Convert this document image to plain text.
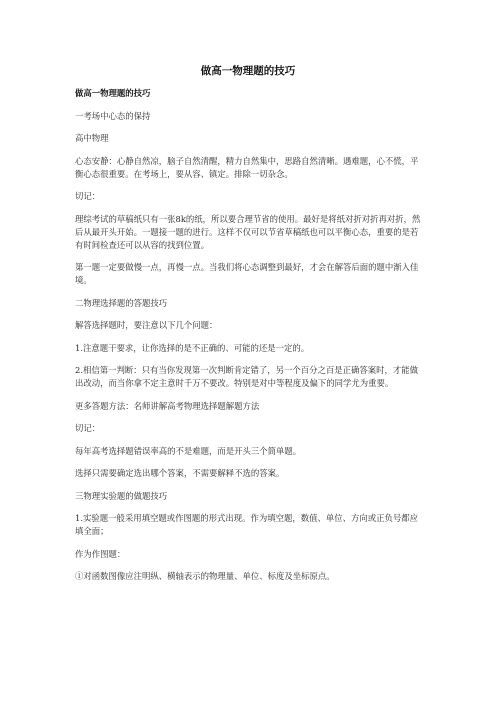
做高一物理题的技巧

做高一物理题的技巧

一考场中心态的保持

高中物理

心态安静：心静自然凉，脑子自然清醒，精力自然集中，思路自然清晰。遇难题，心不慌，平衡心态很重要。在考场上，要从容、镇定。排除一切杂念。

切记：

理综考试的草稿纸只有一张8k的纸，所以要合理节省的使用。最好是将纸对折对折再对折，然后从最开头开始。一题接一题的进行。这样不仅可以节省草稿纸也可以平衡心态，重要的是若有时间检查还可以从容的找到位置。

第一题一定要做慢一点，再慢一点。当我们将心态调整到最好，才会在解答后面的题中渐入佳境。

二物理选择题的答题技巧

解答选择题时，要注意以下几个问题：

1.注意题干要求，让你选择的是不正确的、可能的还是一定的。

2.相信第一判断：只有当你发现第一次判断肯定错了，另一个百分之百是正确答案时，才能做出改动，而当你拿不定主意时千万不要改。特别是对中等程度及偏下的同学尤为重要。

更多答题方法：名师讲解高考物理选择题解题方法

切记：

每年高考选择题错误率高的不是难题，而是开头三个简单题。

选择只需要确定选出哪个答案，不需要解释不选的答案。

三物理实验题的做题技巧

1.实验题一般采用填空题或作图题的形式出现。作为填空题，数值、单位、方向或正负号都应填全面；

作为作图题：

①对函数图像应注明纵、横轴表示的物理量、单位、标度及坐标原点。
